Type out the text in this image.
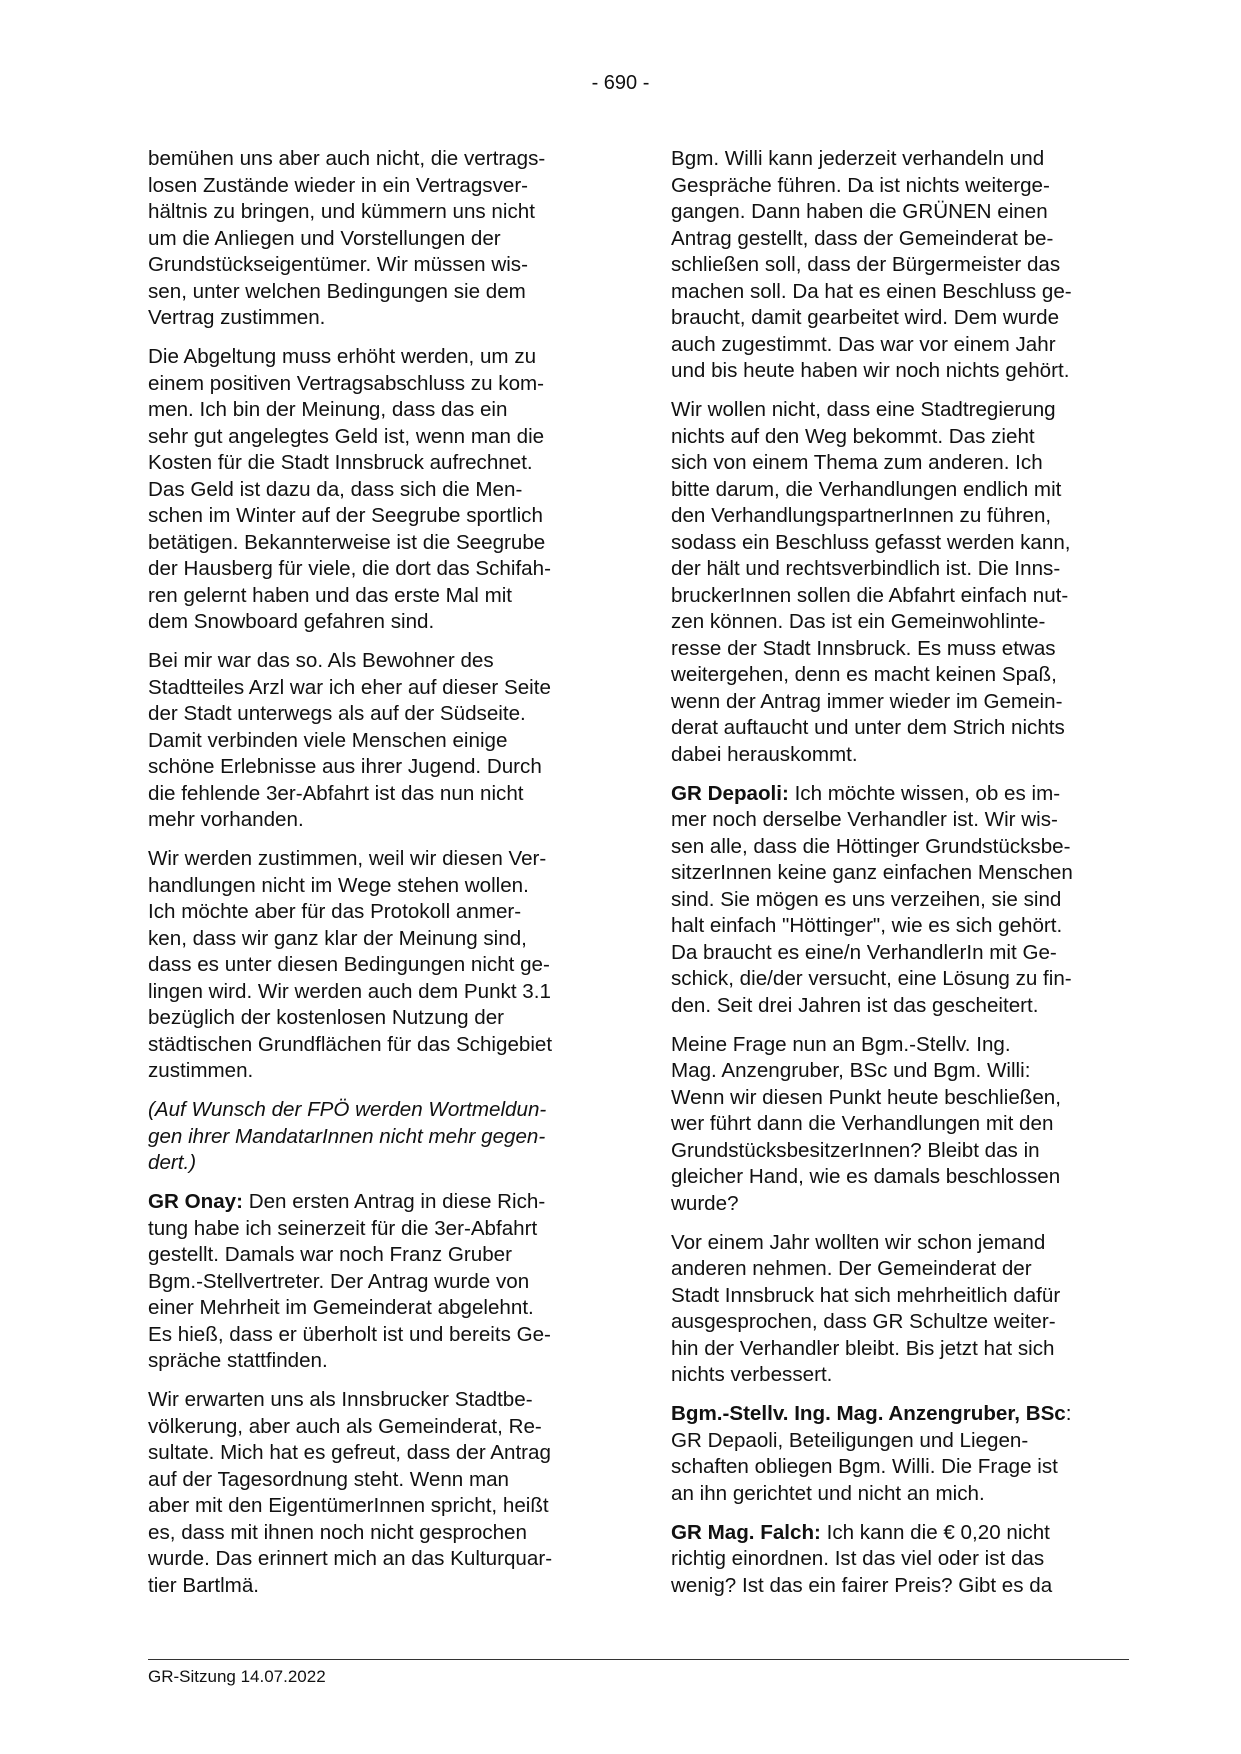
- 690 -

bemühen uns aber auch nicht, die vertrags-
losen Zustände wieder in ein Vertragsver-
hältnis zu bringen, und kümmern uns nicht
um die Anliegen und Vorstellungen der
Grundstückseigentümer. Wir müssen wis-
sen, unter welchen Bedingungen sie dem
Vertrag zustimmen.

Die Abgeltung muss erhöht werden, um zu
einem positiven Vertragsabschluss zu kom-
men. Ich bin der Meinung, dass das ein
sehr gut angelegtes Geld ist, wenn man die
Kosten für die Stadt Innsbruck aufrechnet.
Das Geld ist dazu da, dass sich die Men-
schen im Winter auf der Seegrube sportlich
betätigen. Bekannterweise ist die Seegrube
der Hausberg für viele, die dort das Schifah-
ren gelernt haben und das erste Mal mit
dem Snowboard gefahren sind.

Bei mir war das so. Als Bewohner des
Stadtteiles Arzl war ich eher auf dieser Seite
der Stadt unterwegs als auf der Südseite.
Damit verbinden viele Menschen einige
schöne Erlebnisse aus ihrer Jugend. Durch
die fehlende 3er-Abfahrt ist das nun nicht
mehr vorhanden.

Wir werden zustimmen, weil wir diesen Ver-
handlungen nicht im Wege stehen wollen.
Ich möchte aber für das Protokoll anmer-
ken, dass wir ganz klar der Meinung sind,
dass es unter diesen Bedingungen nicht ge-
lingen wird. Wir werden auch dem Punkt 3.1
bezüglich der kostenlosen Nutzung der
städtischen Grundflächen für das Schigebiet
zustimmen.

(Auf Wunsch der FPÖ werden Wortmeldun-
gen ihrer MandatarInnen nicht mehr gegen-
dert.)

GR Onay: Den ersten Antrag in diese Rich-
tung habe ich seinerzeit für die 3er-Abfahrt
gestellt. Damals war noch Franz Gruber
Bgm.-Stellvertreter. Der Antrag wurde von
einer Mehrheit im Gemeinderat abgelehnt.
Es hieß, dass er überholt ist und bereits Ge-
spräche stattfinden.

Wir erwarten uns als Innsbrucker Stadtbe-
völkerung, aber auch als Gemeinderat, Re-
sultate. Mich hat es gefreut, dass der Antrag
auf der Tagesordnung steht. Wenn man
aber mit den EigentümerInnen spricht, heißt
es, dass mit ihnen noch nicht gesprochen
wurde. Das erinnert mich an das Kulturquar-
tier Bartlmä.

Bgm. Willi kann jederzeit verhandeln und
Gespräche führen. Da ist nichts weiterge-
gangen. Dann haben die GRÜNEN einen
Antrag gestellt, dass der Gemeinderat be-
schließen soll, dass der Bürgermeister das
machen soll. Da hat es einen Beschluss ge-
braucht, damit gearbeitet wird. Dem wurde
auch zugestimmt. Das war vor einem Jahr
und bis heute haben wir noch nichts gehört.

Wir wollen nicht, dass eine Stadtregierung
nichts auf den Weg bekommt. Das zieht
sich von einem Thema zum anderen. Ich
bitte darum, die Verhandlungen endlich mit
den VerhandlungspartnerInnen zu führen,
sodass ein Beschluss gefasst werden kann,
der hält und rechtsverbindlich ist. Die Inns-
bruckerInnen sollen die Abfahrt einfach nut-
zen können. Das ist ein Gemeinwohlinte-
resse der Stadt Innsbruck. Es muss etwas
weitergehen, denn es macht keinen Spaß,
wenn der Antrag immer wieder im Gemein-
derat auftaucht und unter dem Strich nichts
dabei herauskommt.

GR Depaoli: Ich möchte wissen, ob es im-
mer noch derselbe Verhandler ist. Wir wis-
sen alle, dass die Höttinger Grundstücksbe-
sitzerInnen keine ganz einfachen Menschen
sind. Sie mögen es uns verzeihen, sie sind
halt einfach "Höttinger", wie es sich gehört.
Da braucht es eine/n VerhandlerIn mit Ge-
schick, die/der versucht, eine Lösung zu fin-
den. Seit drei Jahren ist das gescheitert.

Meine Frage nun an Bgm.-Stellv. Ing.
Mag. Anzengruber, BSc und Bgm. Willi:
Wenn wir diesen Punkt heute beschließen,
wer führt dann die Verhandlungen mit den
GrundstücksbesitzerInnen? Bleibt das in
gleicher Hand, wie es damals beschlossen
wurde?

Vor einem Jahr wollten wir schon jemand
anderen nehmen. Der Gemeinderat der
Stadt Innsbruck hat sich mehrheitlich dafür
ausgesprochen, dass GR Schultze weiter-
hin der Verhandler bleibt. Bis jetzt hat sich
nichts verbessert.

Bgm.-Stellv. Ing. Mag. Anzengruber, BSc:
GR Depaoli, Beteiligungen und Liegen-
schaften obliegen Bgm. Willi. Die Frage ist
an ihn gerichtet und nicht an mich.

GR Mag. Falch: Ich kann die € 0,20 nicht
richtig einordnen. Ist das viel oder ist das
wenig? Ist das ein fairer Preis? Gibt es da

GR-Sitzung 14.07.2022
